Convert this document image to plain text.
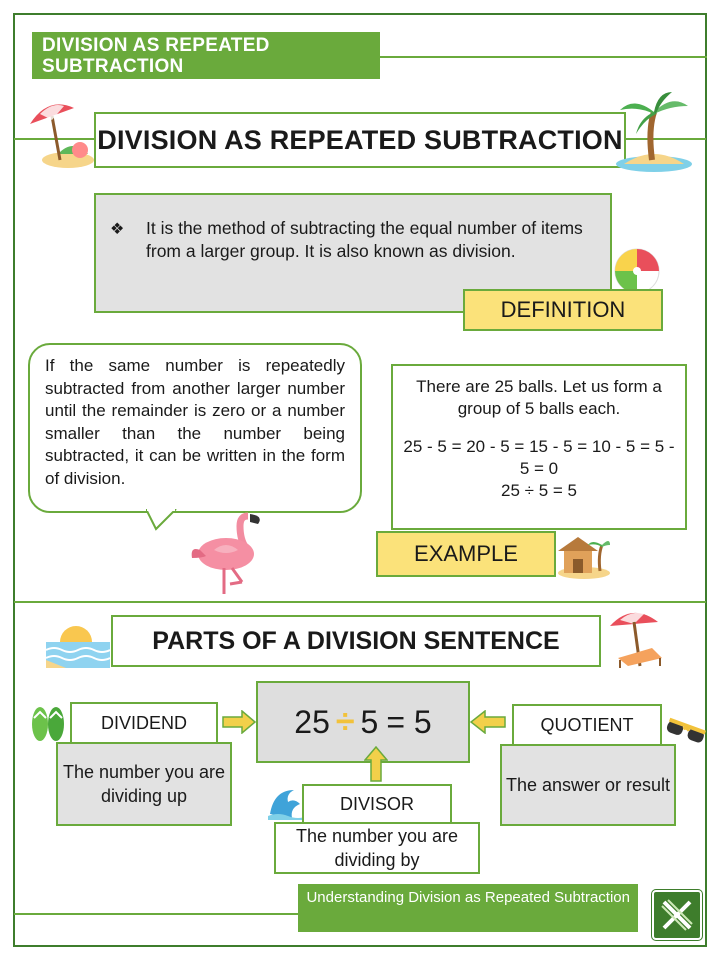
DIVISION AS REPEATED SUBTRACTION
DIVISION AS REPEATED SUBTRACTION
❖	It is the method of subtracting the equal number of items from a larger group. It is also known as division.
DEFINITION
If the same number is repeatedly subtracted from another larger number until the remainder is zero or a number smaller than the number being subtracted, it can be written in the form of division.
There are 25 balls. Let us form a group of 5 balls each.
25 - 5 = 20 - 5 = 15 - 5 = 10 - 5 = 5 - 5 = 0
25 ÷ 5 = 5
EXAMPLE
PARTS OF A DIVISION SENTENCE
25 ÷ 5 = 5
DIVIDEND
The number you are dividing up
QUOTIENT
The answer or result
DIVISOR
The number you are dividing by
Understanding Division as Repeated Subtraction
